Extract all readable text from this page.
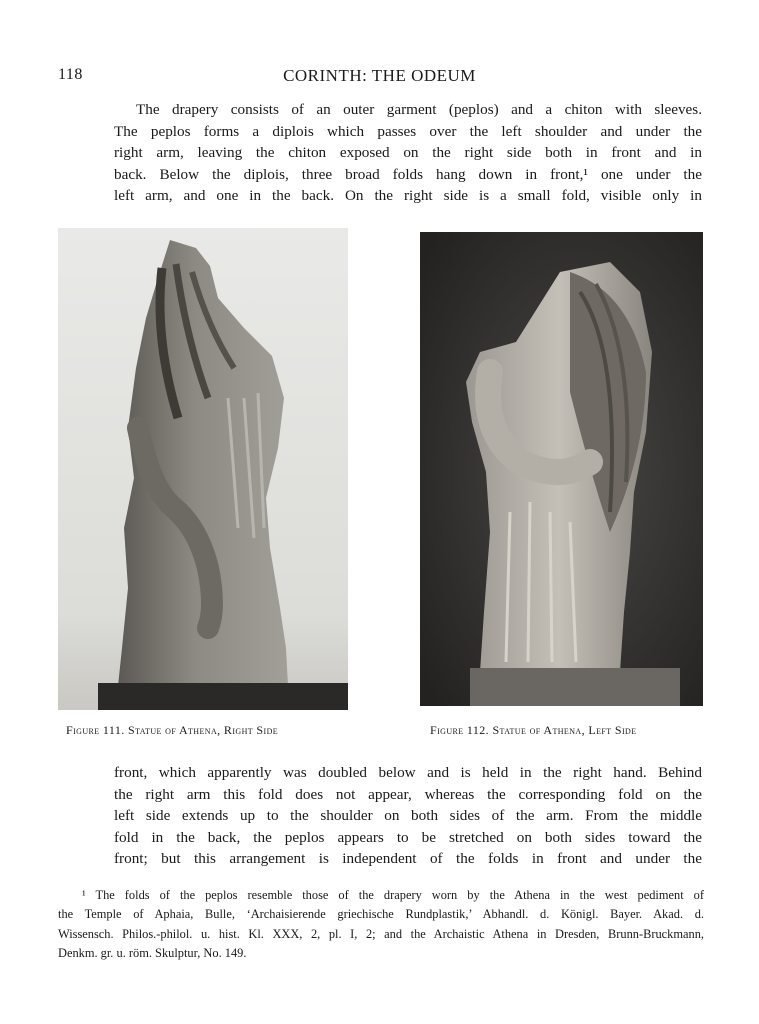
118	CORINTH: THE ODEUM
The drapery consists of an outer garment (peplos) and a chiton with sleeves.
The peplos forms a diplois which passes over the left shoulder and under the
right arm, leaving the chiton exposed on the right side both in front and in
back. Below the diplois, three broad folds hang down in front,¹ one under the
left arm, and one in the back. On the right side is a small fold, visible only in
Figure 111. Statue of Athena, Right Side	Figure 112. Statue of Athena, Left Side
front, which apparently was doubled below and is held in the right hand. Behind
the right arm this fold does not appear, whereas the corresponding fold on the
left side extends up to the shoulder on both sides of the arm. From the middle
fold in the back, the peplos appears to be stretched on both sides toward the
front; but this arrangement is independent of the folds in front and under the
¹ The folds of the peplos resemble those of the drapery worn by the Athena in the west pediment of
the Temple of Aphaia, Bulle, ‘Archaisierende griechische Rundplastik,’ Abhandl. d. Königl. Bayer. Akad. d.
Wissensch. Philos.-philol. u. hist. Kl. XXX, 2, pl. I, 2; and the Archaistic Athena in Dresden, Brunn-Bruckmann,
Denkm. gr. u. röm. Skulptur, No. 149.
